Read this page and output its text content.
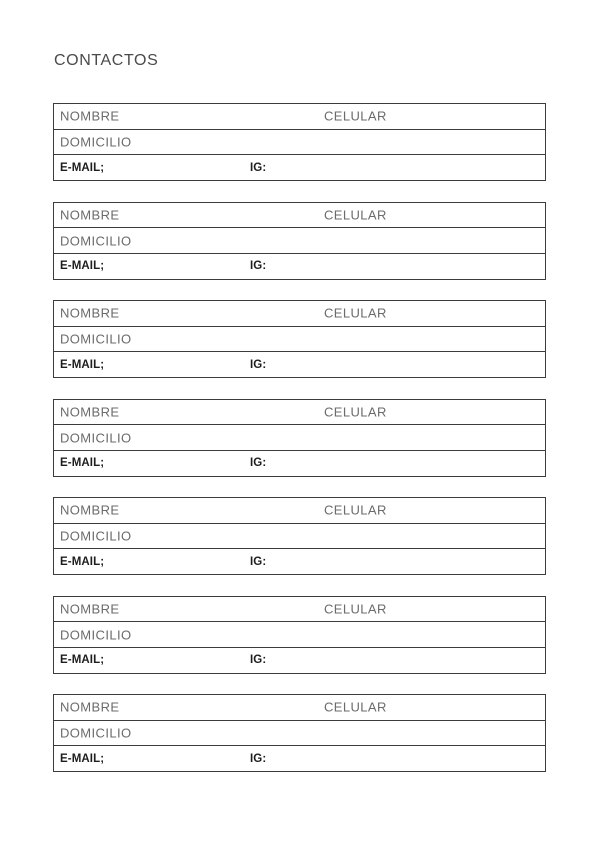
CONTACTOS
NOMBRE	CELULAR
DOMICILIO
E-MAIL;	IG:
NOMBRE	CELULAR
DOMICILIO
E-MAIL;	IG:
NOMBRE	CELULAR
DOMICILIO
E-MAIL;	IG:
NOMBRE	CELULAR
DOMICILIO
E-MAIL;	IG:
NOMBRE	CELULAR
DOMICILIO
E-MAIL;	IG:
NOMBRE	CELULAR
DOMICILIO
E-MAIL;	IG:
NOMBRE	CELULAR
DOMICILIO
E-MAIL;	IG:
